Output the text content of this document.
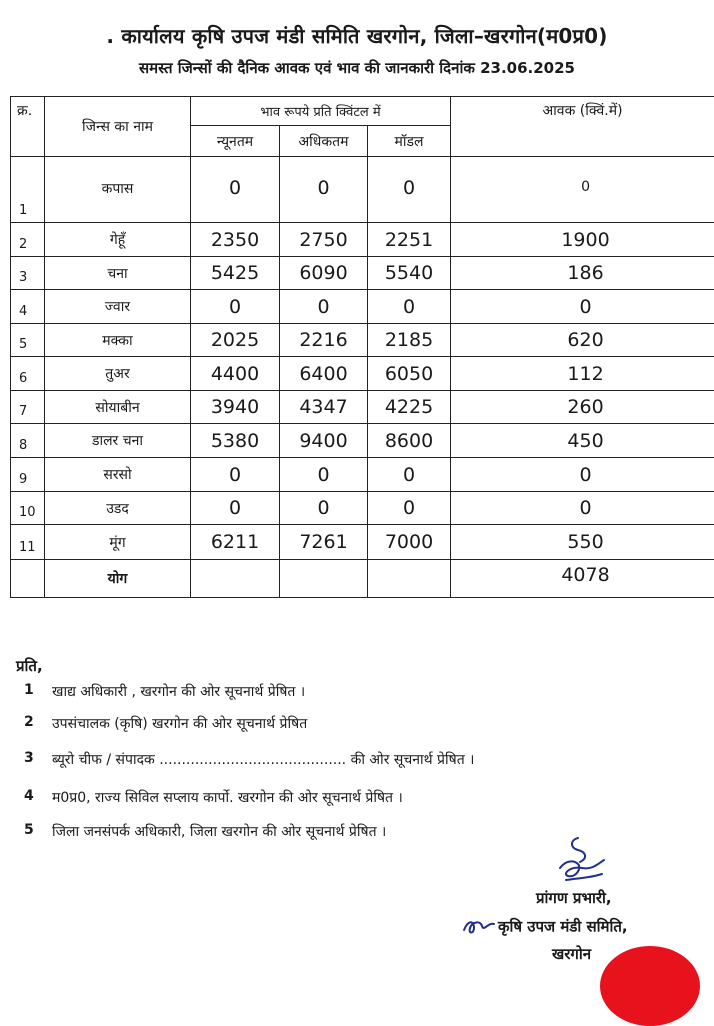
. कार्यालय कृषि उपज मंडी समिति खरगोन, जिला–खरगोन(म0प्र0)
समस्त जिन्सों की दैनिक आवक एवं भाव की जानकारी दिनांक 23.06.2025
क्र.	जिन्स का नाम	भाव रूपये प्रति क्विंटल में			आवक (क्विं.में)
		न्यूनतम	अधिकतम	मॉडल	
1	कपास	0	0	0	0
2	गेहूँ	2350	2750	2251	1900
3	चना	5425	6090	5540	186
4	ज्वार	0	0	0	0
5	मक्का	2025	2216	2185	620
6	तुअर	4400	6400	6050	112
7	सोयाबीन	3940	4347	4225	260
8	डालर चना	5380	9400	8600	450
9	सरसो	0	0	0	0
10	उडद	0	0	0	0
11	मूंग	6211	7261	7000	550
	योग				4078
प्रति,
1 खाद्य अधिकारी , खरगोन की ओर सूचनार्थ प्रेषित ।
2 उपसंचालक (कृषि) खरगोन की ओर सूचनार्थ प्रेषित
3 ब्यूरो चीफ / संपादक .......................................... की ओर सूचनार्थ प्रेषित ।
4 म0प्र0, राज्य सिविल सप्लाय कार्पो. खरगोन की ओर सूचनार्थ प्रेषित ।
5 जिला जनसंपर्क अधिकारी, जिला खरगोन की ओर सूचनार्थ प्रेषित ।
प्रांगण प्रभारी,
कृषि उपज मंडी समिति,
खरगोन
